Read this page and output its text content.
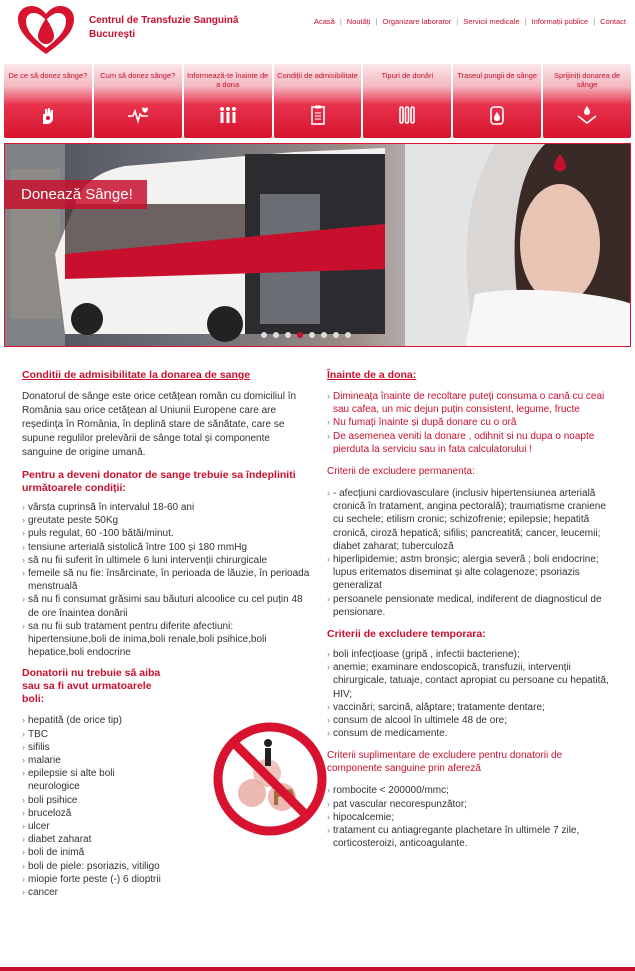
Centrul de Transfuzie Sanguină
București
Acasă | Noutăți | Organizare laborator | Servicii medicale | Informații publice | Contact
De ce să donez sânge?	Cum să donez sânge?	Informează-te înainte de a dona
Condiții de admisibilitate	Tipuri de donări	Traseul pungii de sânge	Sprijiniți donarea de sânge
Donează Sânge!
Conditii de admisibilitate la donarea de sange
Donatorul de sânge este orice cetățean român cu domiciliul în România sau orice cetățean al Uniunii Europene care are reședința în România, în deplină stare de sănătate, care se supune regulilor prelevării de sânge total și componente sanguine de origine umană.
Pentru a deveni donator de sange trebuie sa îndepliniti următoarele condiții:
› vârsta cuprinsă în intervalul 18-60 ani
› greutate peste 50Kg
› puls regulat, 60 -100 bătăi/minut.
› tensiune arterială sistolică între 100 și 180 mmHg
› să nu fii suferit în ultimele 6 luni intervenții chirurgicale
› femeile să nu fie: însărcinate, în perioada de lăuzie, în perioada menstruală
› să nu fi consumat grăsimi sau băuturi alcoolice cu cel puțin 48 de ore înaintea donării
› sa nu fii sub tratament pentru diferite afectiuni: hipertensiune,boli de inima,boli renale,boli psihice,boli hepatice,boli endocrine
Donatorii nu trebuie să aiba sau sa fi avut urmatoarele boli:
› hepatită (de orice tip)
› TBC
› sifilis
› malarie
› epilepsie si alte boli neurologice
› boli psihice
› bruceloză
› ulcer
› diabet zaharat
› boli de inimă
› boli de piele: psoriazis, vitiligo
› miopie forte peste (-) 6 dioptrii
› cancer
Înainte de a dona:
› Dimineața înainte de recoltare puteți consuma o cană cu ceai sau cafea, un mic dejun puțin consistent, legume, fructe
› Nu fumați înainte și după donare cu o oră
› De asemenea veniti la donare , odihnit si nu dupa o noapte pierduta la serviciu sau in fata calculatorului !
Criterii de excludere permanenta:
› - afecțiuni cardiovasculare (inclusiv hipertensiunea arterială cronică în tratament, angina pectorală); traumatisme craniene cu sechele; etilism cronic; schizofrenie; epilepsie; hepatită cronică, ciroză hepatică; sifilis; pancreatită; cancer, leucemii; diabet zaharat; tuberculoză
› hiperlipidemie; astm bronșic; alergia severă ; boli endocrine; lupus eritematos diseminat și alte colagenoze; psoriazis generalizat
› persoanele pensionate medical, indiferent de diagnosticul de pensionare.
Criterii de excludere temporara:
› boli infecțioase (gripă , infectii bacteriene);
› anemie; examinare endoscopică, transfuzii, intervenții chirurgicale, tatuaje, contact apropiat cu persoane cu hepatită, HIV;
› vaccinări; sarcină, alăptare; tratamente dentare;
› consum de alcool în ultimele 48 de ore;
› consum de medicamente.
Criterii suplimentare de excludere pentru donatorii de componente sanguine prin afereză
› rombocite < 200000/mmc;
› pat vascular necorespunzător;
› hipocalcemie;
› tratament cu antiagregante plachetare în ultimele 7 zile, corticosteroizi, anticoagulante.
